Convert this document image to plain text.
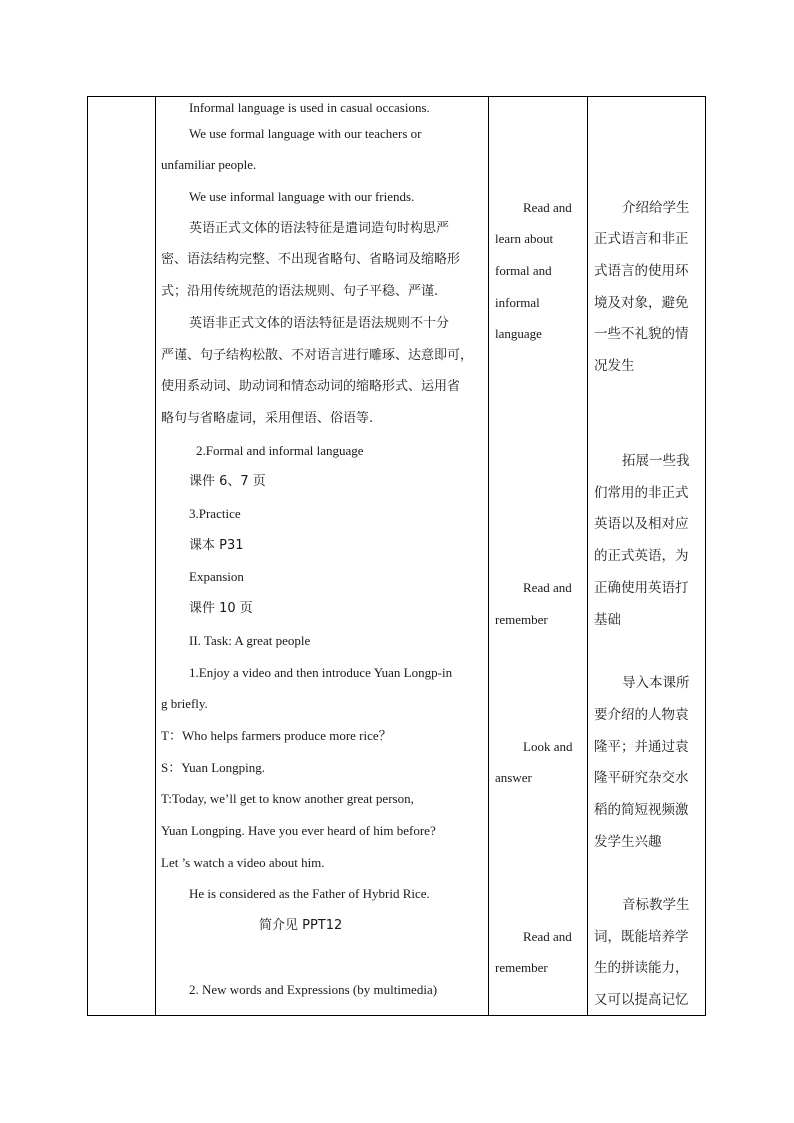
Informal language is used in casual occasions.
We use formal language with our teachers or
unfamiliar people.
We use informal language with our friends.
英语正式文体的语法特征是遣词造句时构思严
密、语法结构完整、不出现省略句、省略词及缩略形
式；沿用传统规范的语法规则、句子平稳、严谨.
英语非正式文体的语法特征是语法规则不十分
严谨、句子结构松散、不对语言进行雕琢、达意即可，
使用系动词、助动词和情态动词的缩略形式、运用省
略句与省略虚词，采用俚语、俗语等.
2.Formal and informal language
课件 6、7 页
3.Practice
课本 P31
Expansion
课件 10 页
II. Task: A great people
1.Enjoy a video and then introduce Yuan Longp-in
g briefly.
T：Who helps farmers produce more rice？
S：Yuan Longping.
T:Today, we’ll get to know another great person,
Yuan Longping. Have you ever heard of him before?
Let ’s watch a video about him.
He is considered as the Father of Hybrid Rice.
简介见 PPT12
2. New words and Expressions (by multimedia)
Read and
learn about
formal and
informal
language
Read and
remember
Look and
answer
Read and
remember
介绍给学生
正式语言和非正
式语言的使用环
境及对象，避免
一些不礼貌的情
况发生
拓展一些我
们常用的非正式
英语以及相对应
的正式英语，为
正确使用英语打
基础
导入本课所
要介绍的人物袁
隆平；并通过袁
隆平研究杂交水
稻的简短视频激
发学生兴趣
音标教学生
词，既能培养学
生的拼读能力，
又可以提高记忆
